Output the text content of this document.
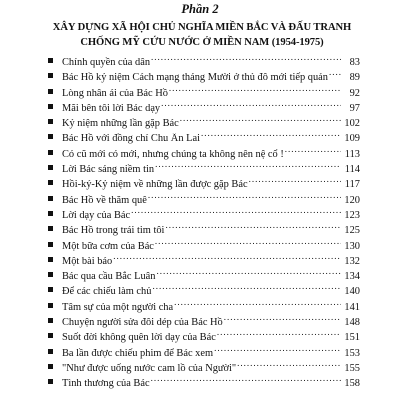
Phần 2
XÂY DỰNG XÃ HỘI CHỦ NGHĨA MIỀN BẮC VÀ ĐẤU TRANH
CHỐNG MỸ CỨU NƯỚC Ở MIỀN NAM (1954-1975)
Chính quyền của dân .....	83
Bác Hồ kỷ niệm Cách mạng tháng Mười ở thủ đô mới tiếp quản .....	89
Lòng nhân ái của Bác Hồ .....	92
Mãi bên tôi lời Bác dạy .....	97
Kỷ niệm những lần gặp Bác .....	102
Bác Hồ với đồng chí Chu Ân Lai .....	109
Có cũ mới có mới, nhưng chúng ta không nên nệ cổ ! .....	113
Lời Bác sáng niềm tin .....	114
Hồi-ký-Kỷ niệm về những lần được gặp Bác .....	117
Bác Hồ về thăm quê .....	120
Lời dạy của Bác .....	123
Bác Hồ trong trái tim tôi .....	125
Một bữa cơm của Bác .....	130
Một bài báo .....	132
Bác qua cầu Bắc Luân .....	134
Để các chiếu làm chủ .....	140
Tâm sự của một người cha .....	141
Chuyện người sửa đôi dép của Bác Hồ .....	148
Suốt đời không quên lời dạy của Bác .....	151
Ba lần được chiếu phim để Bác xem .....	153
"Như được uống nước cam lồ của Người" .....	155
Tình thương của Bác .....	158
